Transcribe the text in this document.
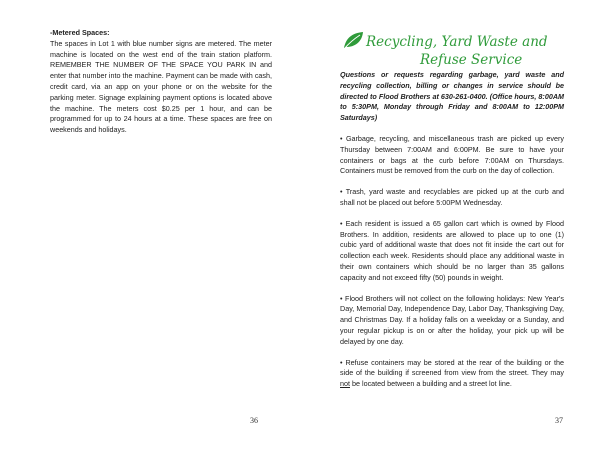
-Metered Spaces:
The spaces in Lot 1 with blue number signs are metered. The meter machine is located on the west end of the train station platform. REMEMBER THE NUMBER OF THE SPACE YOU PARK IN and enter that number into the machine. Payment can be made with cash, credit card, via an app on your phone or on the website for the parking meter. Signage explaining payment options is located above the machine. The meters cost $0.25 per 1 hour, and can be programmed for up to 24 hours at a time. These spaces are free on weekends and holidays.
36
Recycling, Yard Waste and
Refuse Service

Questions or requests regarding garbage, yard waste and recycling collection, billing or changes in service should be directed to Flood Brothers at 630-261-0400. (Office hours, 8:00AM to 5:30PM, Monday through Friday and 8:00AM to 12:00PM Saturdays)

• Garbage, recycling, and miscellaneous trash are picked up every Thursday between 7:00AM and 6:00PM. Be sure to have your containers or bags at the curb before 7:00AM on Thursdays. Containers must be removed from the curb on the day of collection.

• Trash, yard waste and recyclables are picked up at the curb and shall not be placed out before 5:00PM Wednesday.

• Each resident is issued a 65 gallon cart which is owned by Flood Brothers. In addition, residents are allowed to place up to one (1) cubic yard of additional waste that does not fit inside the cart out for collection each week. Residents should place any additional waste in their own containers which should be no larger than 35 gallons capacity and not exceed fifty (50) pounds in weight.

• Flood Brothers will not collect on the following holidays: New Year's Day, Memorial Day, Independence Day, Labor Day, Thanksgiving Day, and Christmas Day. If a holiday falls on a weekday or a Sunday, and your regular pickup is on or after the holiday, your pick up will be delayed by one day.

• Refuse containers may be stored at the rear of the building or the side of the building if screened from view from the street. They may not be located between a building and a street lot line.

37
